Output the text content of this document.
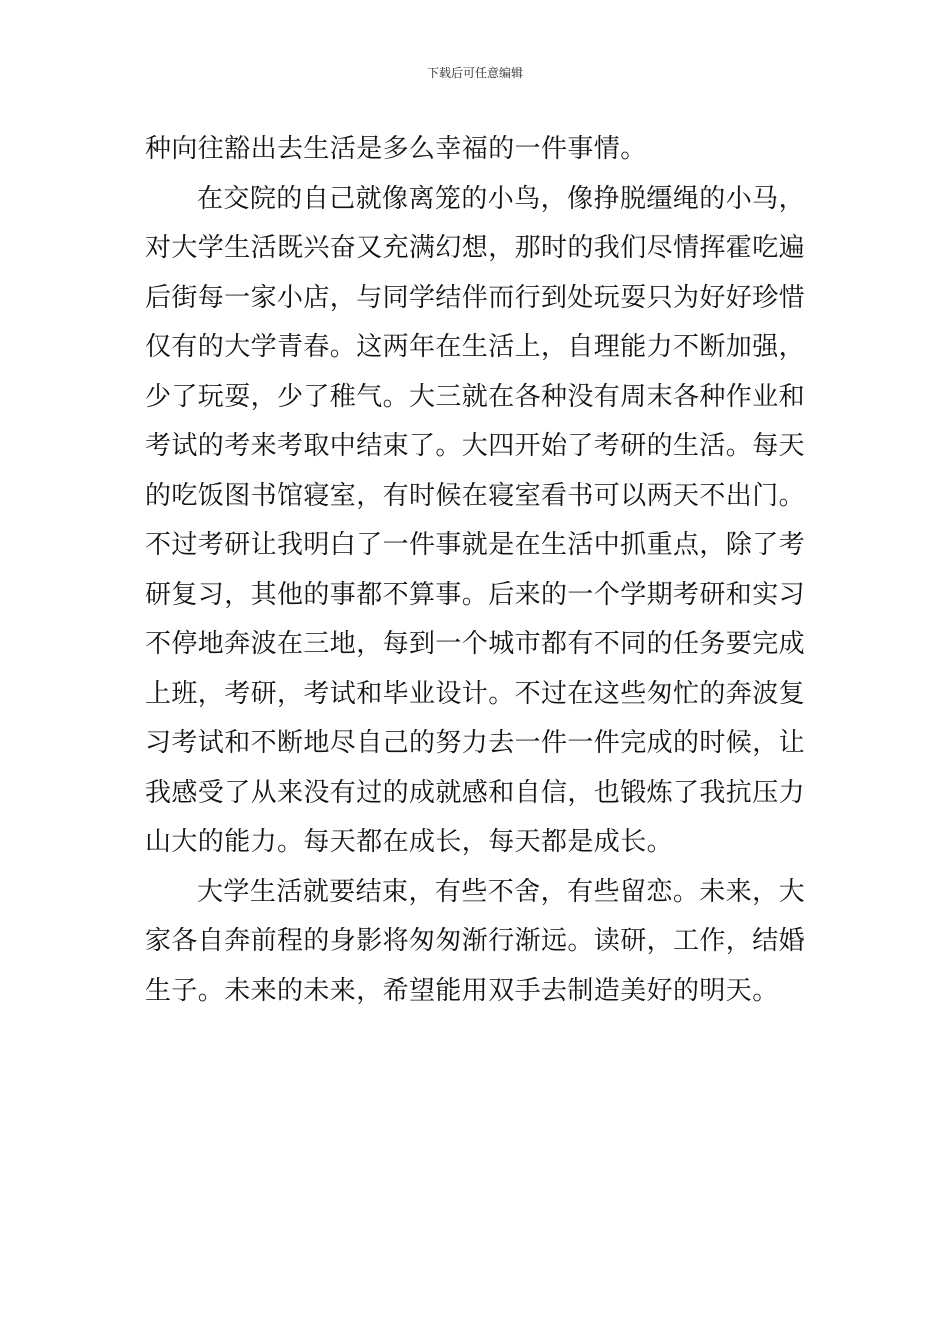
下载后可任意编辑

种向往豁出去生活是多么幸福的一件事情。

在交院的自己就像离笼的小鸟，像挣脱缰绳的小马，对大学生活既兴奋又充满幻想，那时的我们尽情挥霍吃遍后街每一家小店，与同学结伴而行到处玩耍只为好好珍惜仅有的大学青春。这两年在生活上，自理能力不断加强，少了玩耍，少了稚气。大三就在各种没有周末各种作业和考试的考来考取中结束了。大四开始了考研的生活。每天的吃饭图书馆寝室，有时候在寝室看书可以两天不出门。不过考研让我明白了一件事就是在生活中抓重点，除了考研复习，其他的事都不算事。后来的一个学期考研和实习不停地奔波在三地，每到一个城市都有不同的任务要完成上班，考研，考试和毕业设计。不过在这些匆忙的奔波复习考试和不断地尽自己的努力去一件一件完成的时候，让我感受了从来没有过的成就感和自信，也锻炼了我抗压力山大的能力。每天都在成长，每天都是成长。

大学生活就要结束，有些不舍，有些留恋。未来，大家各自奔前程的身影将匆匆渐行渐远。读研，工作，结婚生子。未来的未来，希望能用双手去制造美好的明天。
